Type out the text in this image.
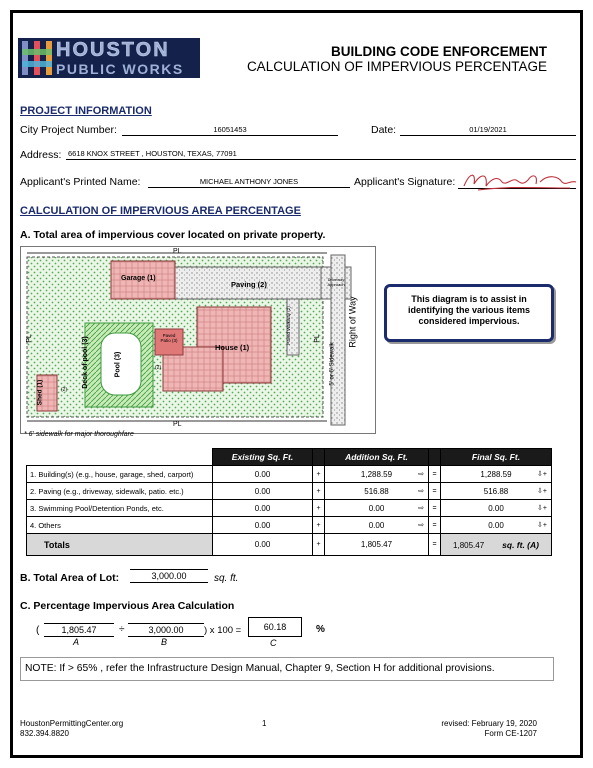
HOUSTON
PUBLIC WORKS
BUILDING CODE ENFORCEMENT
CALCULATION OF IMPERVIOUS PERCENTAGE
PROJECT INFORMATION
City Project Number:	16051453	Date:	01/19/2021
Address: 6618 KNOX STREET , HOUSTON, TEXAS, 77091
Applicant's Printed Name:	MICHAEL ANTHONY JONES	Applicant's Signature:
CALCULATION OF IMPERVIOUS AREA PERCENTAGE
A. Total area of impervious cover located on private property.
PL
PL
PL	PL
Garage (1)
Paving (2)
Driveway Approach
Paved Patio (3)
House (1)
Paved Walkway (2)
Deck of pool (3)	Pool (3)
Shed (1)
(2)
(2)
5' or 6' Sidewalk
Right of Way
* 6' sidewalk for major thoroughfare
This diagram is to assist in identifying the various items considered impervious.
	Existing Sq. Ft.		Addition Sq. Ft.		Final Sq. Ft.
1. Building(s) (e.g., house, garage, shed, carport)	0.00	+	1,288.59 ⇨	=	1,288.59 ⇩+

2. Paving (e.g., driveway, sidewalk, patio. etc.)	0.00	+	516.88 ⇨	=	516.88 ⇩+

3. Swimming Pool/Detention Ponds, etc.	0.00	+	0.00 ⇨	=	0.00 ⇩+

4. Others	0.00	+	0.00 ⇨	=	0.00 ⇩+

Totals	0.00	+	1,805.47	=	1,805.47 sq. ft. (A)
B. Total Area of Lot:	3,000.00	sq. ft.
C. Percentage Impervious Area Calculation
(	1,805.47
A
÷	3,000.00
B
) x 100 =	60.18
C
%
NOTE: If > 65% , refer the Infrastructure Design Manual, Chapter 9, Section H for additional provisions.
HoustonPermittingCenter.org
832.394.8820
1	revised: February 19, 2020
Form CE-1207
